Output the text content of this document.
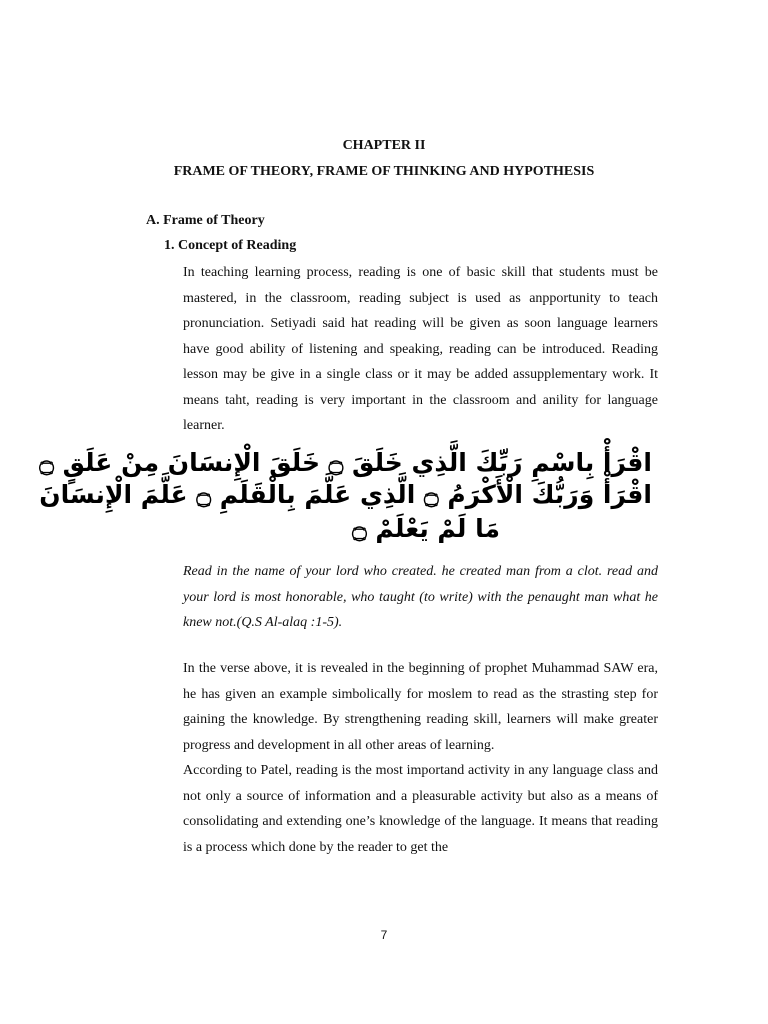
CHAPTER II
FRAME OF THEORY, FRAME OF THINKING AND HYPOTHESIS
A. Frame of Theory
1. Concept of Reading

In teaching learning process, reading is one of basic skill that students must be mastered, in the classroom, reading subject is used as anpportunity to teach pronunciation. Setiyadi said hat reading will be given as soon language learners have good ability of listening and speaking, reading can be introduced. Reading lesson may be give in a single class or it may be added assupplementary work. It means taht, reading is very important in the classroom and anility for language learner.

اقْرَأْ بِاسْمِ رَبِّكَ الَّذِي خَلَقَ ۝ خَلَقَ الْإِنسَانَ مِنْ عَلَقٍ ۝
اقْرَأْ وَرَبُّكَ الْأَكْرَمُ ۝ الَّذِي عَلَّمَ بِالْقَلَمِ ۝ عَلَّمَ الْإِنسَانَ
مَا لَمْ يَعْلَمْ ۝

Read in the name of your lord who created. he created man from a clot. read and your lord is most honorable, who taught (to write) with the penaught man what he knew not.(Q.S Al-alaq :1-5).

In the verse above, it is revealed in the beginning of prophet Muhammad SAW era, he has given an example simbolically for moslem to read as the strasting step for gaining the knowledge. By strengthening reading skill, learners will make greater progress and development in all other areas of learning.

According to Patel, reading is the most importand activity in any language class and not only a source of information and a pleasurable activity but also as a means of consolidating and extending one’s knowledge of the language. It means that reading is a process which done by the reader to get the

7
